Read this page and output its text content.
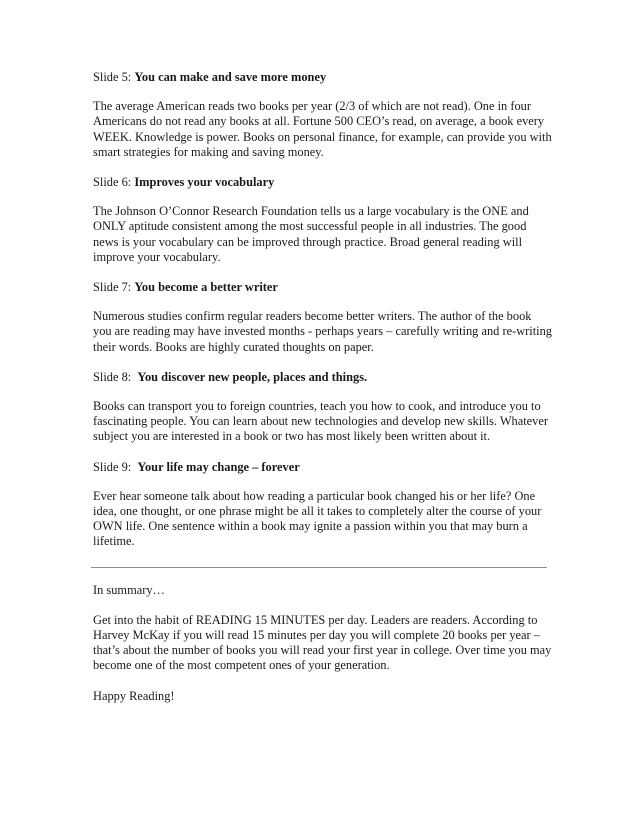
Slide 5: You can make and save more money

The average American reads two books per year (2/3 of which are not read). One in four Americans do not read any books at all. Fortune 500 CEO’s read, on average, a book every WEEK. Knowledge is power. Books on personal finance, for example, can provide you with smart strategies for making and saving money.

Slide 6: Improves your vocabulary

The Johnson O’Connor Research Foundation tells us a large vocabulary is the ONE and ONLY aptitude consistent among the most successful people in all industries. The good news is your vocabulary can be improved through practice. Broad general reading will improve your vocabulary.

Slide 7: You become a better writer

Numerous studies confirm regular readers become better writers. The author of the book you are reading may have invested months - perhaps years – carefully writing and re-writing their words. Books are highly curated thoughts on paper.

Slide 8:  You discover new people, places and things.

Books can transport you to foreign countries, teach you how to cook, and introduce you to fascinating people. You can learn about new technologies and develop new skills. Whatever subject you are interested in a book or two has most likely been written about it.

Slide 9:  Your life may change – forever

Ever hear someone talk about how reading a particular book changed his or her life? One idea, one thought, or one phrase might be all it takes to completely alter the course of your OWN life. One sentence within a book may ignite a passion within you that may burn a lifetime.

In summary…

Get into the habit of READING 15 MINUTES per day. Leaders are readers. According to Harvey McKay if you will read 15 minutes per day you will complete 20 books per year – that’s about the number of books you will read your first year in college. Over time you may become one of the most competent ones of your generation.

Happy Reading!
